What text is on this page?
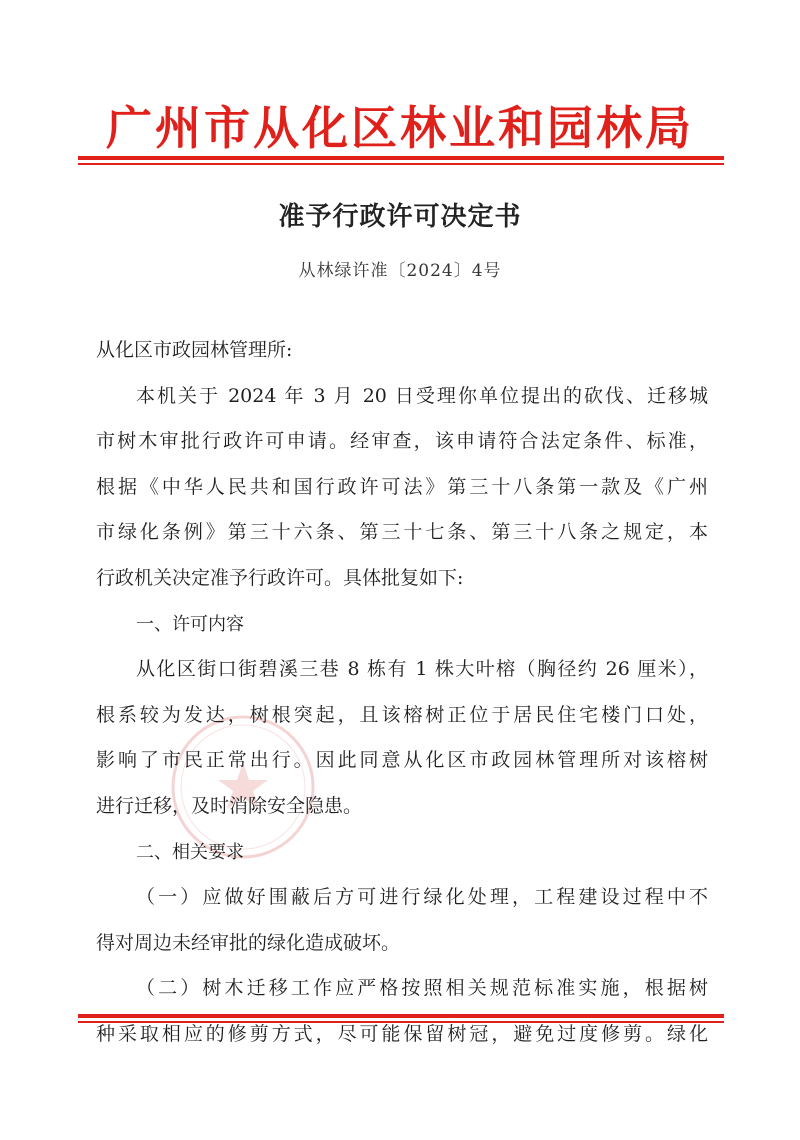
广州市从化区林业和园林局
准予行政许可决定书
从林绿许准〔2024〕4号
从化区市政园林管理所:
本机关于 2024 年 3 月 20 日受理你单位提出的砍伐、迁移城
市树木审批行政许可申请。经审查，该申请符合法定条件、标准，
根据《中华人民共和国行政许可法》第三十八条第一款及《广州
市绿化条例》第三十六条、第三十七条、第三十八条之规定，本
行政机关决定准予行政许可。具体批复如下:
一、许可内容
从化区街口街碧溪三巷 8 栋有 1 株大叶榕（胸径约 26 厘米），
根系较为发达，树根突起，且该榕树正位于居民住宅楼门口处，
影响了市民正常出行。因此同意从化区市政园林管理所对该榕树
进行迁移，及时消除安全隐患。
二、相关要求
（一）应做好围蔽后方可进行绿化处理，工程建设过程中不
得对周边未经审批的绿化造成破坏。
（二）树木迁移工作应严格按照相关规范标准实施，根据树
种采取相应的修剪方式，尽可能保留树冠，避免过度修剪。绿化
